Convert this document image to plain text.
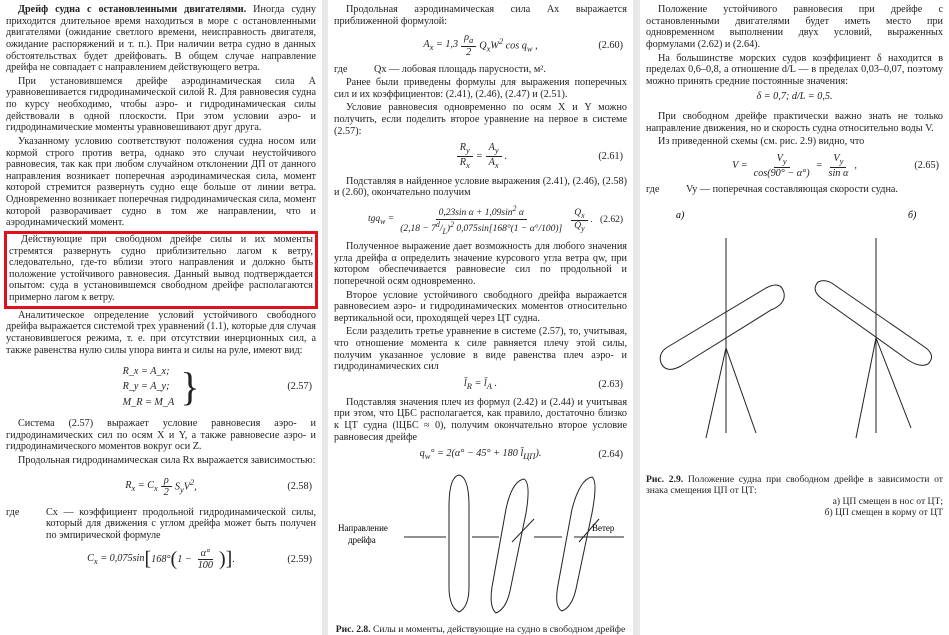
Дрейф судна с остановленными двигателями. Иногда судну приходится длительное время находиться в море с остановленными двигателями (ожидание светлого времени, неисправность двигателя, ожидание распоряжений и т. п.). При наличии ветра судно в данных обстоятельствах будет дрейфовать. В общем случае направление дрейфа не совпадает с направлением действующего ветра.

При установившемся дрейфе аэродинамическая сила A уравновешивается гидродинамической силой R. Для равновесия судна по курсу необходимо, чтобы аэро- и гидродинамическая силы действовали в одной плоскости. При этом условии аэро- и гидродинамические моменты уравновешивают друг друга.

Указанному условию соответствуют положения судна носом или кормой строго против ветра, однако это случаи неустойчивого равновесия, так как при любом случайном отклонении ДП от данного направления возникает поперечная аэродинамическая сила, момент которой стремится развернуть судно еще больше от линии ветра. Одновременно возникает поперечная гидродинамическая сила, момент которой разворачивает судно в том же направлении, что и аэродинамический момент.

Действующие при свободном дрейфе силы и их моменты стремятся развернуть судно приблизительно лагом к ветру, следовательно, где-то вблизи этого направления и должно быть положение устойчивого равновесия. Данный вывод подтверждается опытом: суда в установившемся свободном дрейфе располагаются примерно лагом к ветру.

Аналитическое определение условий устойчивого свободного дрейфа выражается системой трех уравнений (1.1), которые для случая установившегося режима, т. е. при отсутствии инерционных сил, а также равенства нулю силы упора винта и силы на руле, имеют вид:

R_x = A_x;
R_y = A_y;
M_R = M_A }	(2.57)

Система (2.57) выражает условие равновесия аэро- и гидродинамических сил по осям X и Y, а также равновесие аэро- и гидродинамического моментов вокруг оси Z.

Продольная гидродинамическая сила Rx выражается зависимостью:

$R_x = C_x \frac{\rho}{2} S_yV^2$,	(2.58)
где	Cx — коэффициент продольной гидродинамической силы, который для движения с углом дрейфа может быть получен по эмпирической формуле
$C_x = 0,075\sin$ [ 168° ( $1 - \frac{\alpha^\circ}{100}$ )] .	(2.59)

Продольная аэродинамическая сила Ax выражается приближенной формулой:

$A_x = 1,3 \frac{\rho_a}{2} Q_xW^2$ $\cos q_w$ ,	(2.60)
где	Qx — лобовая площадь парусности, м².

Ранее были приведены формулы для выражения поперечных сил и их коэффициентов: (2.41), (2.46), (2.47) и (2.51).

Условие равновесия одновременно по осям X и Y можно получить, если поделить второе уравнение на первое в системе (2.57):

$\frac{R_y}{R_x} = \frac{A_y}{A_x}$ .	(2.61)

Подставляя в найденное условие выражения (2.41), (2.46), (2.58) и (2.60), окончательно получим

$tgq_w = \frac{0,23\sin \alpha + 1,09\sin^2 \alpha}{(2,18 - 7^d/_L)^2 0,075\sin[168^\circ(1 - \alpha^\circ/100)]} \frac{Q_x}{Q_y}$ . (2.62)

Полученное выражение дает возможность для любого значения угла дрейфа α определить значение курсового угла ветра qw, при котором обеспечивается равновесие сил по продольной и поперечной осям одновременно.

Второе условие устойчивого свободного дрейфа выражается равновесием аэро- и гидродинамических моментов относительно вертикальной оси, проходящей через ЦТ судна.

Если разделить третье уравнение в системе (2.57), то, учитывая, что отношение момента к силе равняется плечу этой силы, получим указанное условие в виде равенства плеч аэро- и гидродинамических сил

$l̄_R$ = $l̄_A$ .	(2.63)

Подставляя значения плеч из формул (2.42) и (2.44) и учитывая при этом, что ЦБС располагается, как правило, достаточно близко к ЦТ судна (lЦБС ≈ 0), получим окончательно второе условие равновесия дрейфе

$q_w^\circ = 2(\alpha^\circ - 45^\circ + 180$ $l̄_{ЦП}$).	(2.64)
Направление
дрейфа
Ветер
Рис. 2.8. Силы и моменты, действующие на судно в свободном дрейфе

Положение устойчивого равновесия при дрейфе с остановленными двигателями будет иметь место при одновременном выполнении двух условий, выраженных формулами (2.62) и (2.64).

На большинстве морских судов коэффициент δ находится в пределах 0,6–0,8, а отношение d/L — в пределах 0,03–0,07, поэтому можно принять средние постоянные значения:

δ = 0,7; d/L = 0,5.

При свободном дрейфе практически важно знать не только направление движения, но и скорость судна относительно воды V.

Из приведенной схемы (см. рис. 2.9) видно, что

$V = \frac{V_y}{\cos(90^\circ - \alpha^\circ)} = \frac{V_y}{\text{sin α}}$ ,	(2.65)
где	Vy — поперечная составляющая скорости судна.
а)	б)
Рис. 2.9. Положение судна при свободном дрейфе в зависимости от знака смещения ЦП от ЦТ:

а) ЦП смещен в нос от ЦТ;
б) ЦП смещен в корму от ЦТ
